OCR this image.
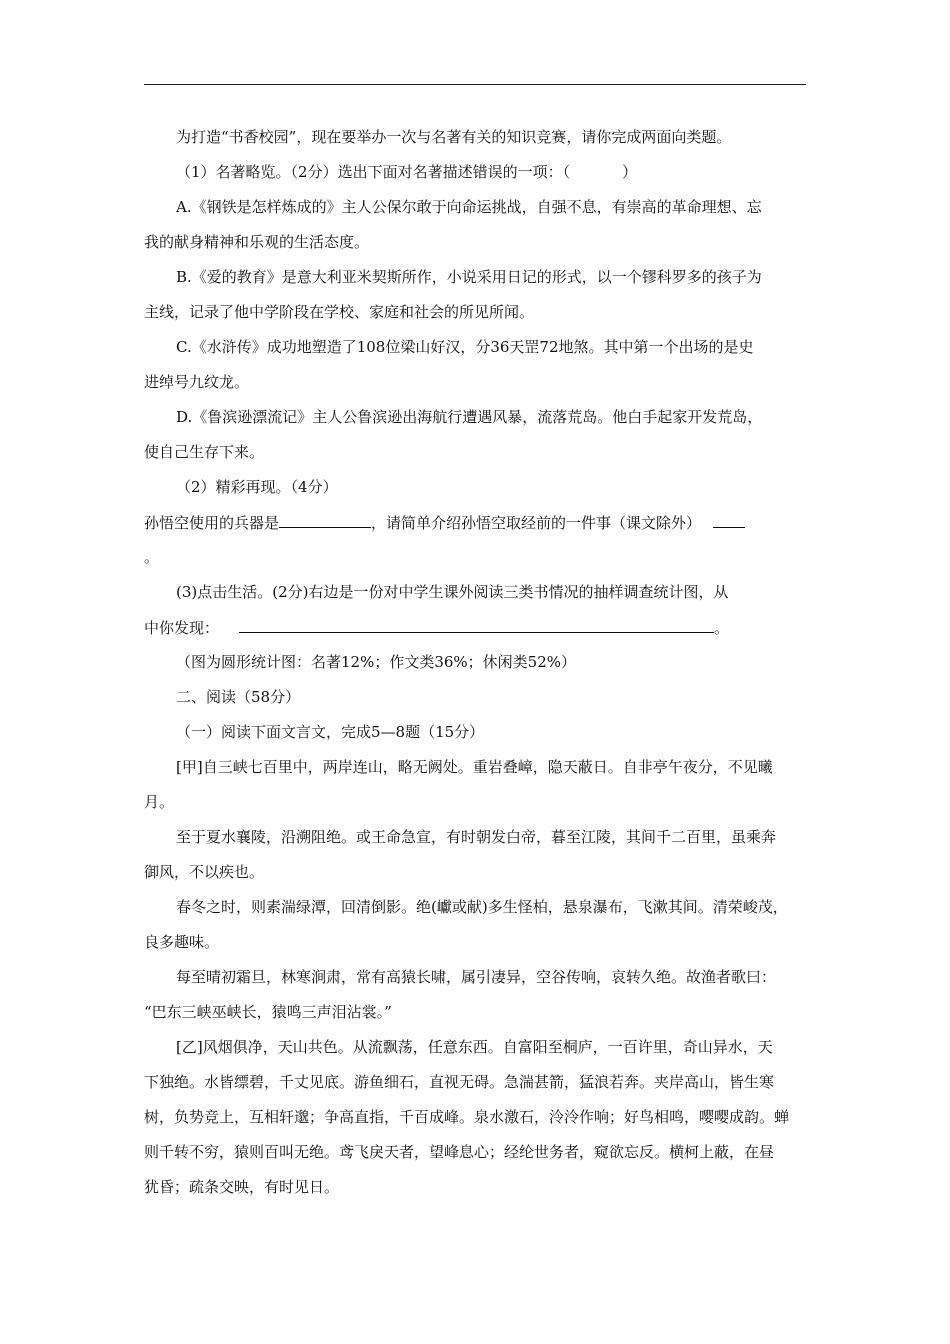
为打造“书香校园”，现在要举办一次与名著有关的知识竞赛，请你完成两面向类题。
（1）名著略览。（2分）选出下面对名著描述错误的一项：（	）
A.《钢铁是怎样炼成的》主人公保尔敢于向命运挑战，自强不息，有崇高的革命理想、忘
我的献身精神和乐观的生活态度。
B.《爱的教育》是意大利亚米契斯所作，小说采用日记的形式，以一个镠科罗多的孩子为
主线，记录了他中学阶段在学校、家庭和社会的所见所闻。
C.《水浒传》成功地塑造了108位梁山好汉，分36天罡72地煞。其中第一个出场的是史
进绰号九纹龙。
D.《鲁滨逊漂流记》主人公鲁滨逊出海航行遭遇风暴，流落荒岛。他白手起家开发荒岛，
使自己生存下来。
（2）精彩再现。（4分）
孙悟空使用的兵器是	，请简单介绍孙悟空取经前的一件事（课文除外）
。
(3)点击生活。(2分)右边是一份对中学生课外阅读三类书情况的抽样调查统计图，从
中你发现：	。
（图为圆形统计图：名著12%；作文类36%；休闲类52%）
二、阅读（58分）
（一）阅读下面文言文，完成5—8题（15分）
[甲]自三峡七百里中，两岸连山，略无阙处。重岩叠嶂，隐天蔽日。自非亭午夜分，不见曦
月。
至于夏水襄陵，沿溯阻绝。或王命急宣，有时朝发白帝，暮至江陵，其间千二百里，虽乘奔
御风，不以疾也。
春冬之时，则素湍绿潭，回清倒影。绝(巘或献)多生怪柏，悬泉瀑布，飞漱其间。清荣峻茂，
良多趣味。
每至晴初霜旦，林寒涧肃，常有高猿长啸，属引凄异，空谷传响，哀转久绝。故渔者歌曰：
“巴东三峡巫峡长，猿鸣三声泪沾裳。”
[乙]风烟俱净，天山共色。从流飘荡，任意东西。自富阳至桐庐，一百许里，奇山异水，天
下独绝。水皆缥碧，千丈见底。游鱼细石，直视无碍。急湍甚箭，猛浪若奔。夹岸高山，皆生寒
树，负势竞上，互相轩邈；争高直指，千百成峰。泉水激石，泠泠作响；好鸟相鸣，嘤嘤成韵。蝉
则千转不穷，猿则百叫无绝。鸢飞戾天者，望峰息心；经纶世务者，窥欲忘反。横柯上蔽，在昼
犹昏；疏条交映，有时见日。
